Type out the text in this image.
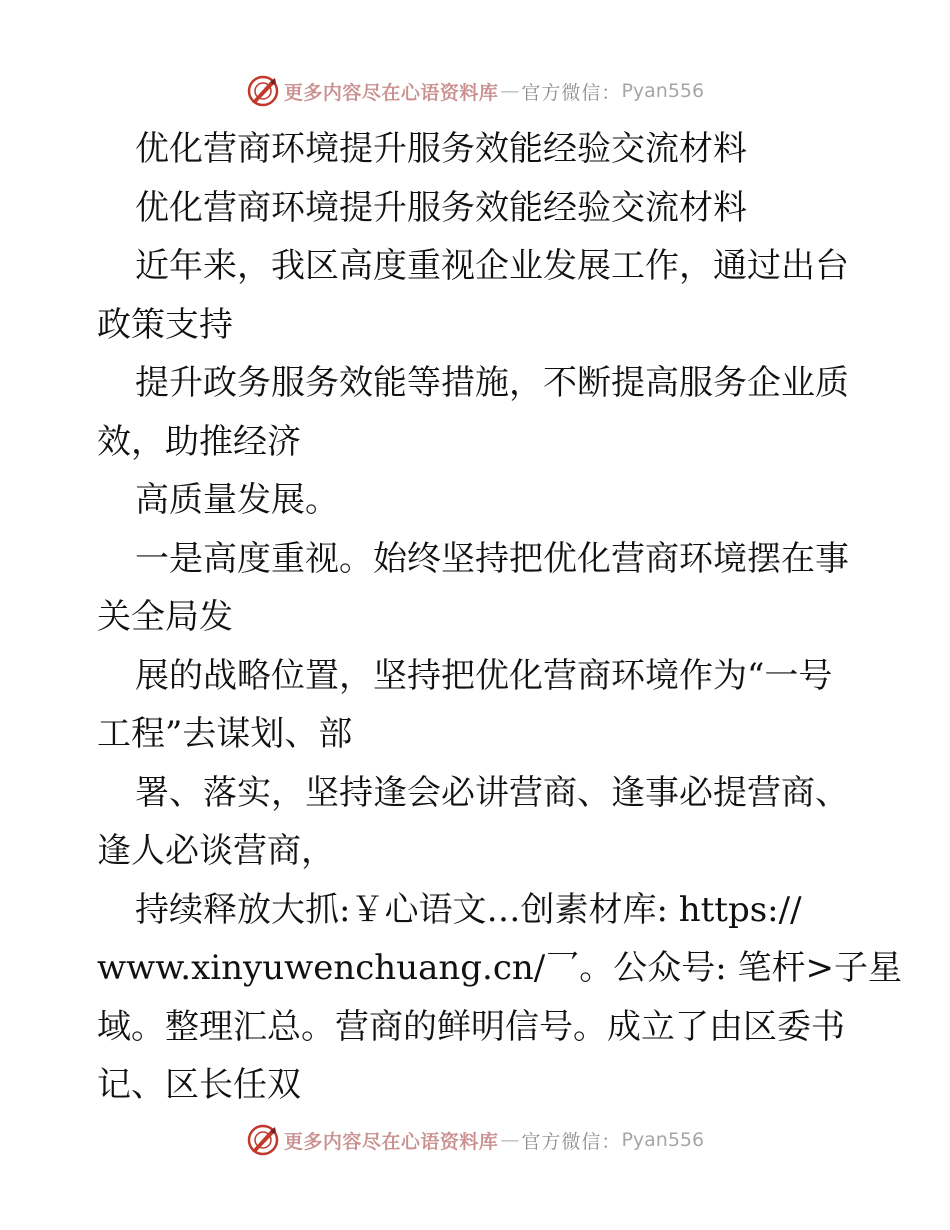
更多内容尽在心语资料库 — 官方微信： Pyan556
优化营商环境提升服务效能经验交流材料
优化营商环境提升服务效能经验交流材料
近年来，我区高度重视企业发展工作，通过出台
政策支持
提升政务服务效能等措施，不断提高服务企业质
效，助推经济
高质量发展。
一是高度重视。始终坚持把优化营商环境摆在事
关全局发
展的战略位置，坚持把优化营商环境作为“一号
工程”去谋划、部
署、落实，坚持逢会必讲营商、逢事必提营商、
逢人必谈营商，
持续释放大抓:￥心语文…创素材库: https://
www.xinyuwenchuang.cn/乛。公众号: 笔杆>子星
域。整理汇总。营商的鲜明信号。成立了由区委书
记、区长任双
更多内容尽在心语资料库 — 官方微信： Pyan556
